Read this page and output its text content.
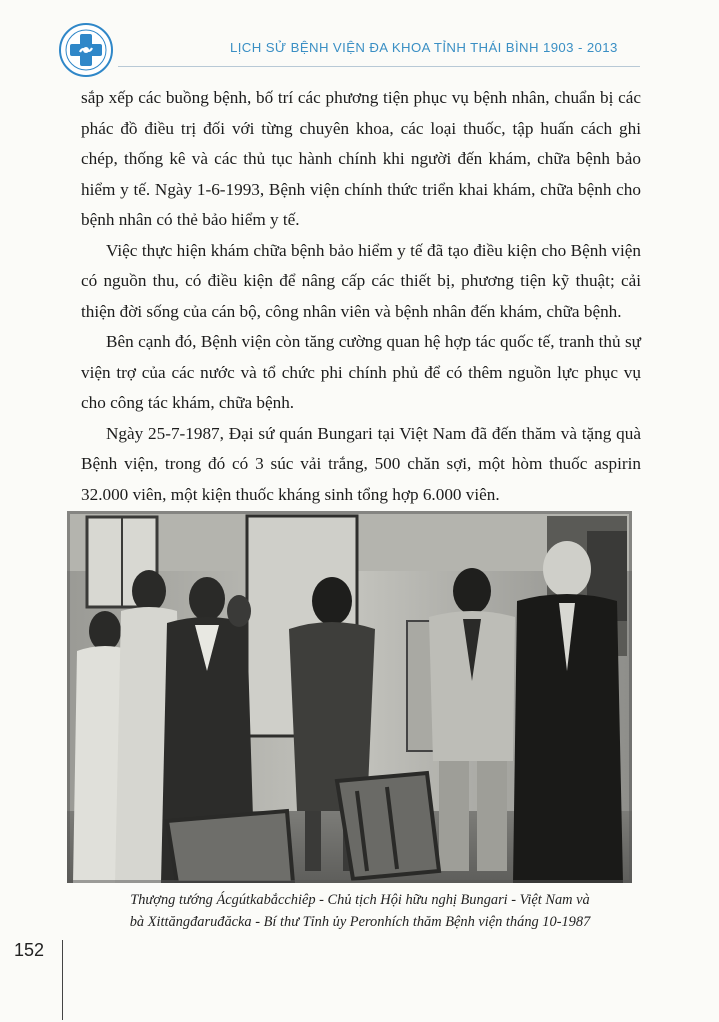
LỊCH SỬ BỆNH VIỆN ĐA KHOA TỈNH THÁI BÌNH 1903 - 2013

sắp xếp các buồng bệnh, bố trí các phương tiện phục vụ bệnh nhân, chuẩn bị các phác đồ điều trị đối với từng chuyên khoa, các loại thuốc, tập huấn cách ghi chép, thống kê và các thủ tục hành chính khi người đến khám, chữa bệnh bảo hiểm y tế. Ngày 1-6-1993, Bệnh viện chính thức triển khai khám, chữa bệnh cho bệnh nhân có thẻ bảo hiểm y tế.

Việc thực hiện khám chữa bệnh bảo hiểm y tế đã tạo điều kiện cho Bệnh viện có nguồn thu, có điều kiện để nâng cấp các thiết bị, phương tiện kỹ thuật; cải thiện đời sống của cán bộ, công nhân viên và bệnh nhân đến khám, chữa bệnh.

Bên cạnh đó, Bệnh viện còn tăng cường quan hệ hợp tác quốc tế, tranh thủ sự viện trợ của các nước và tổ chức phi chính phủ để có thêm nguồn lực phục vụ cho công tác khám, chữa bệnh.

Ngày 25-7-1987, Đại sứ quán Bungari tại Việt Nam đã đến thăm và tặng quà Bệnh viện, trong đó có 3 súc vải trắng, 500 chăn sợi, một hòm thuốc aspirin 32.000 viên, một kiện thuốc kháng sinh tổng hợp 6.000 viên.

Thượng tướng Ácgútkabắcchiêp - Chủ tịch Hội hữu nghị Bungari - Việt Nam và
bà Xittăngđaruđăcka - Bí thư Tỉnh ủy Peronhích thăm Bệnh viện tháng 10-1987
152
